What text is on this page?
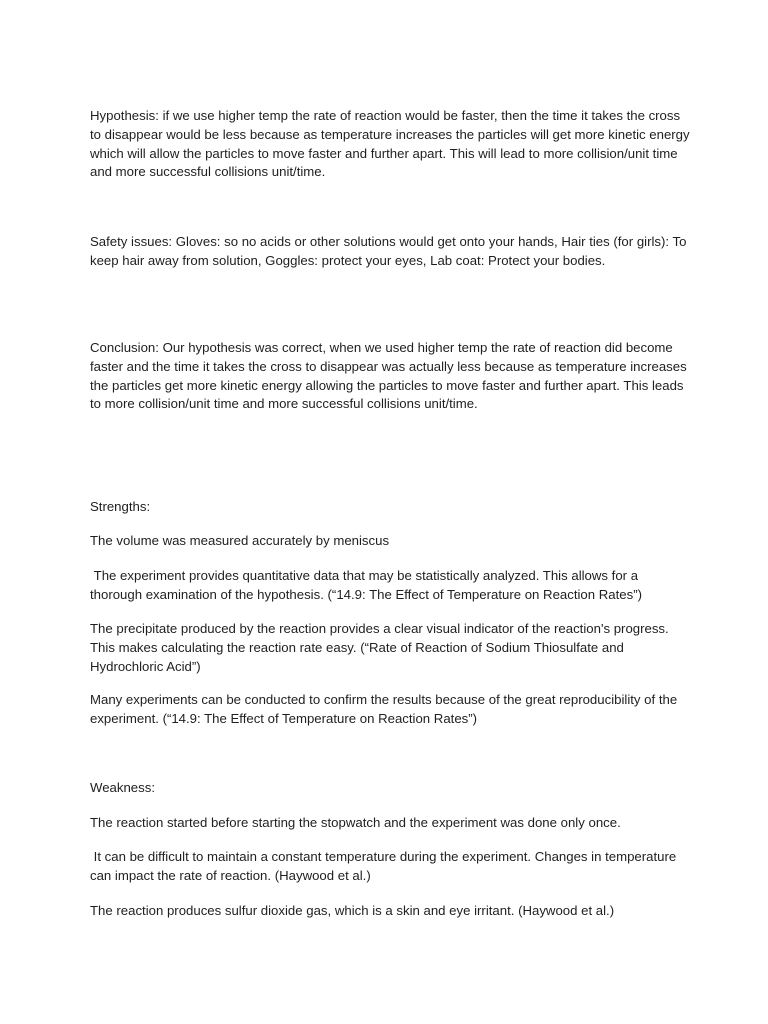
Hypothesis: if we use higher temp the rate of reaction would be faster, then the time it takes the cross to disappear would be less because as temperature increases the particles will get more kinetic energy which will allow the particles to move faster and further apart. This will lead to more collision/unit time and more successful collisions unit/time.

Safety issues: Gloves: so no acids or other solutions would get onto your hands, Hair ties (for girls): To keep hair away from solution, Goggles: protect your eyes, Lab coat: Protect your bodies.

Conclusion: Our hypothesis was correct, when we used higher temp the rate of reaction did become faster and the time it takes the cross to disappear was actually less because as temperature increases the particles get more kinetic energy allowing the particles to move faster and further apart. This leads to more collision/unit time and more successful collisions unit/time.

Strengths:

The volume was measured accurately by meniscus

The experiment provides quantitative data that may be statistically analyzed. This allows for a thorough examination of the hypothesis. (“14.9: The Effect of Temperature on Reaction Rates”)

The precipitate produced by the reaction provides a clear visual indicator of the reaction's progress. This makes calculating the reaction rate easy. (“Rate of Reaction of Sodium Thiosulfate and Hydrochloric Acid”)

Many experiments can be conducted to confirm the results because of the great reproducibility of the experiment. (“14.9: The Effect of Temperature on Reaction Rates”)

Weakness:

The reaction started before starting the stopwatch and the experiment was done only once.

It can be difficult to maintain a constant temperature during the experiment. Changes in temperature can impact the rate of reaction. (Haywood et al.)

The reaction produces sulfur dioxide gas, which is a skin and eye irritant. (Haywood et al.)
